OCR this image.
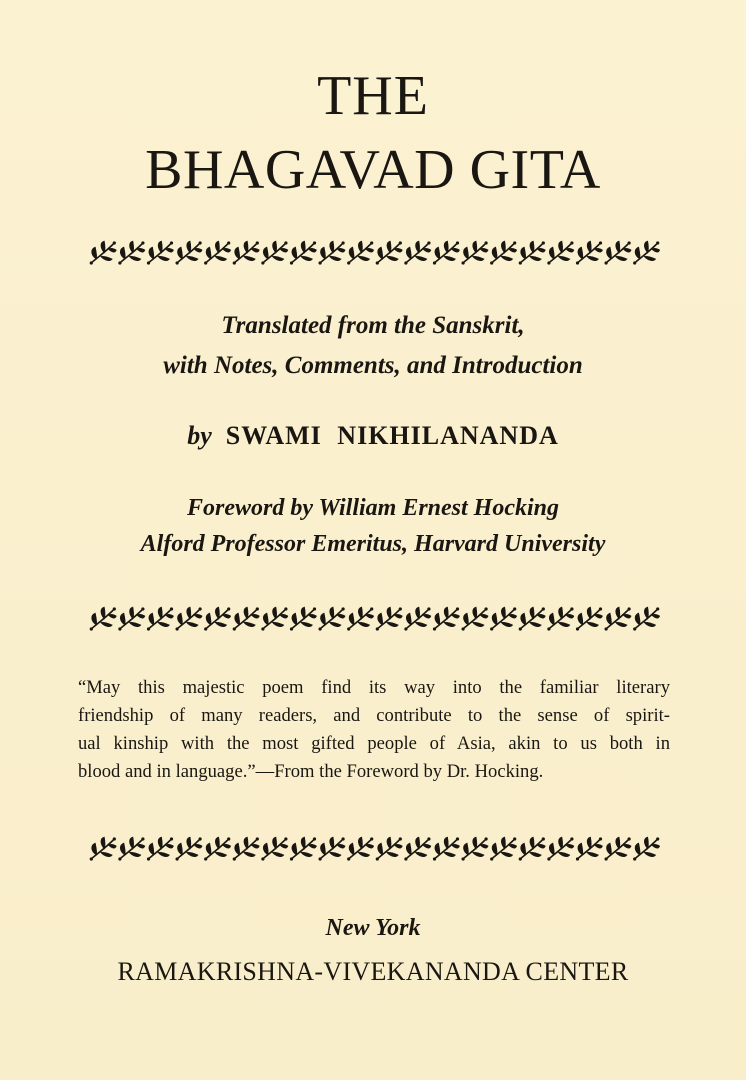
THE
BHAGAVAD GITA
Translated from the Sanskrit,
with Notes, Comments, and Introduction
by SWAMI NIKHILANANDA
Foreword by William Ernest Hocking
Alford Professor Emeritus, Harvard University
“May this majestic poem find its way into the familiar literary
friendship of many readers, and contribute to the sense of spirit-
ual kinship with the most gifted people of Asia, akin to us both in
blood and in language.”—From the Foreword by Dr. Hocking.
New York
RAMAKRISHNA-VIVEKANANDA CENTER
